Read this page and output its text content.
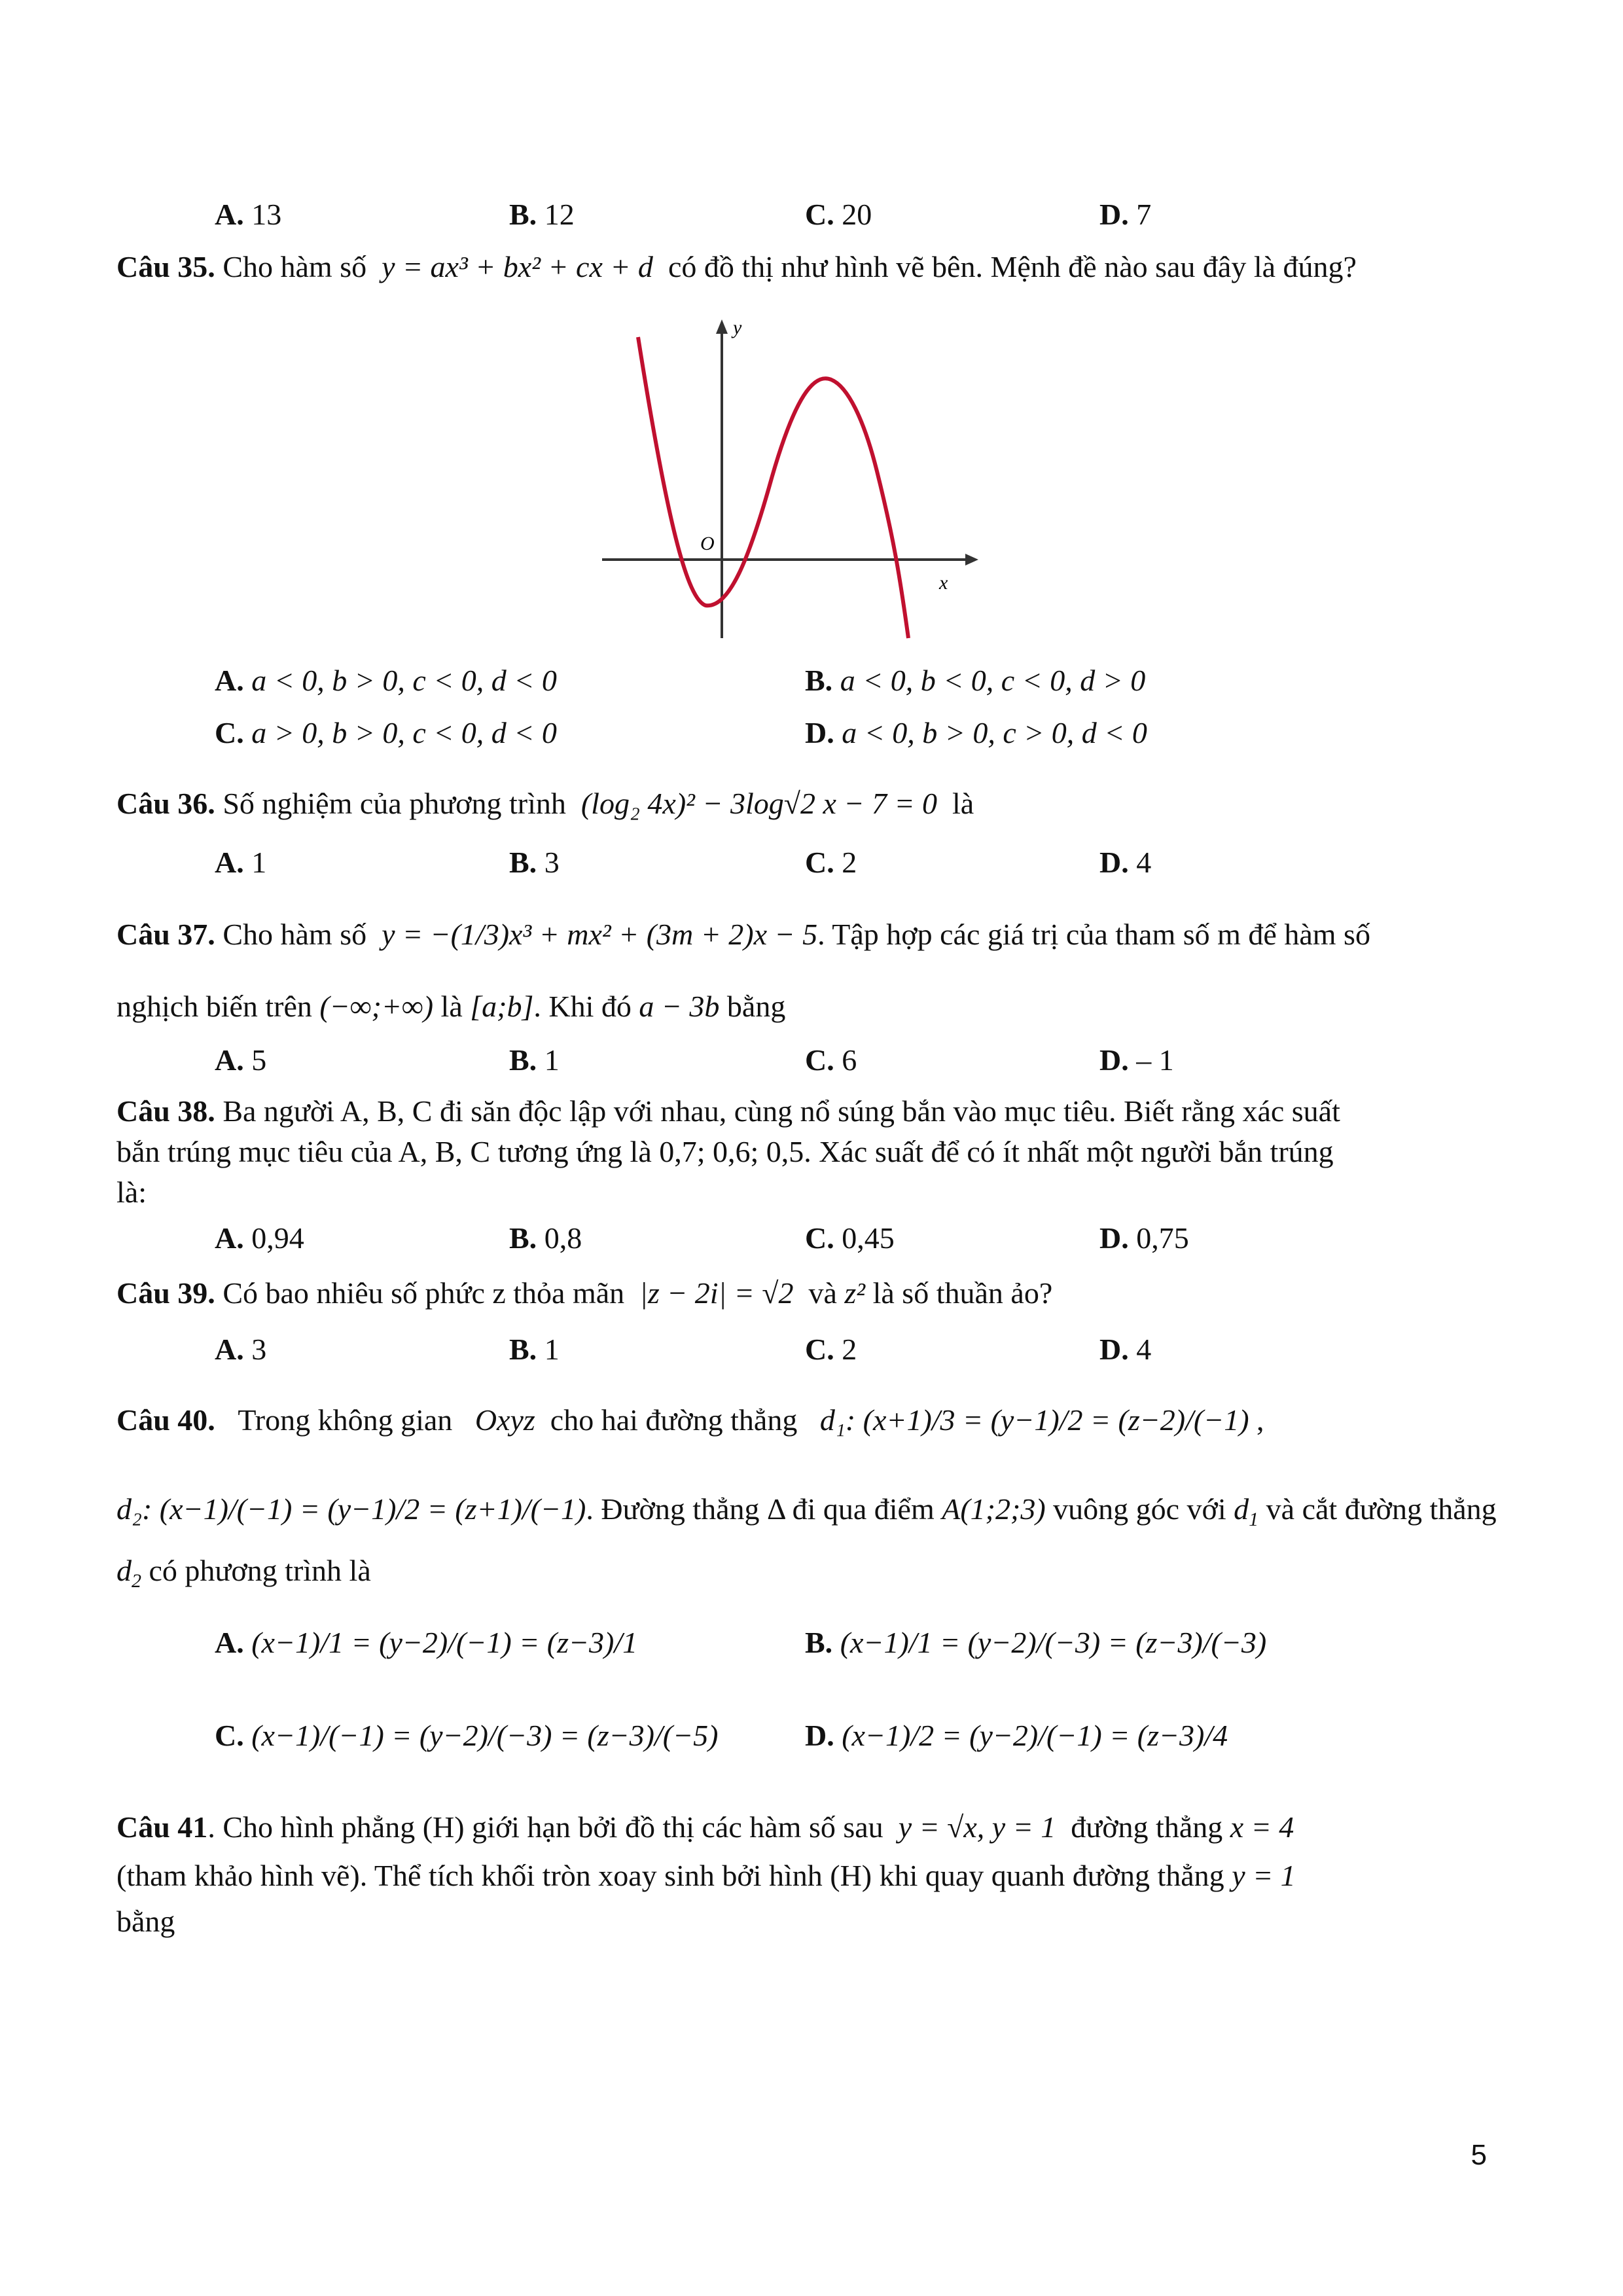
A. 13	B. 12	C. 20	D. 7
Câu 35. Cho hàm số y = ax³ + bx² + cx + d có đồ thị như hình vẽ bên. Mệnh đề nào sau đây là đúng?
y
x
O
A. a < 0, b > 0, c < 0, d < 0	B. a < 0, b < 0, c < 0, d > 0
C. a > 0, b > 0, c < 0, d < 0	D. a < 0, b > 0, c > 0, d < 0
Câu 36. Số nghiệm của phương trình (log₂ 4x)² − 3log√2 x − 7 = 0 là
A. 1	B. 3	C. 2	D. 4
Câu 37. Cho hàm số y = −(1/3)x³ + mx² + (3m + 2)x − 5. Tập hợp các giá trị của tham số m để hàm số
nghịch biến trên (−∞;+∞) là [a;b]. Khi đó a − 3b bằng
A. 5	B. 1	C. 6	D. – 1
Câu 38. Ba người A, B, C đi săn độc lập với nhau, cùng nổ súng bắn vào mục tiêu. Biết rằng xác suất
bắn trúng mục tiêu của A, B, C tương ứng là 0,7; 0,6; 0,5. Xác suất để có ít nhất một người bắn trúng
là:
A. 0,94	B. 0,8	C. 0,45	D. 0,75
Câu 39. Có bao nhiêu số phức z thỏa mãn |z − 2i| = √2 và z² là số thuần ảo?
A. 3	B. 1	C. 2	D. 4
Câu 40. Trong không gian Oxyz cho hai đường thẳng d₁: (x+1)/3 = (y−1)/2 = (z−2)/(−1) ,
d₂: (x−1)/(−1) = (y−1)/2 = (z+1)/(−1). Đường thẳng Δ đi qua điểm A(1;2;3) vuông góc với $d_1$ và cắt đường thẳng
$d_2$ có phương trình là
A. (x−1)/1 = (y−2)/(−1) = (z−3)/1	B. (x−1)/1 = (y−2)/(−3) = (z−3)/(−3)
C. (x−1)/(−1) = (y−2)/(−3) = (z−3)/(−5)	D. (x−1)/2 = (y−2)/(−1) = (z−3)/4
Câu 41. Cho hình phẳng (H) giới hạn bởi đồ thị các hàm số sau y = √x, y = 1 đường thẳng x = 4
(tham khảo hình vẽ). Thể tích khối tròn xoay sinh bởi hình (H) khi quay quanh đường thẳng y = 1
bằng
5
